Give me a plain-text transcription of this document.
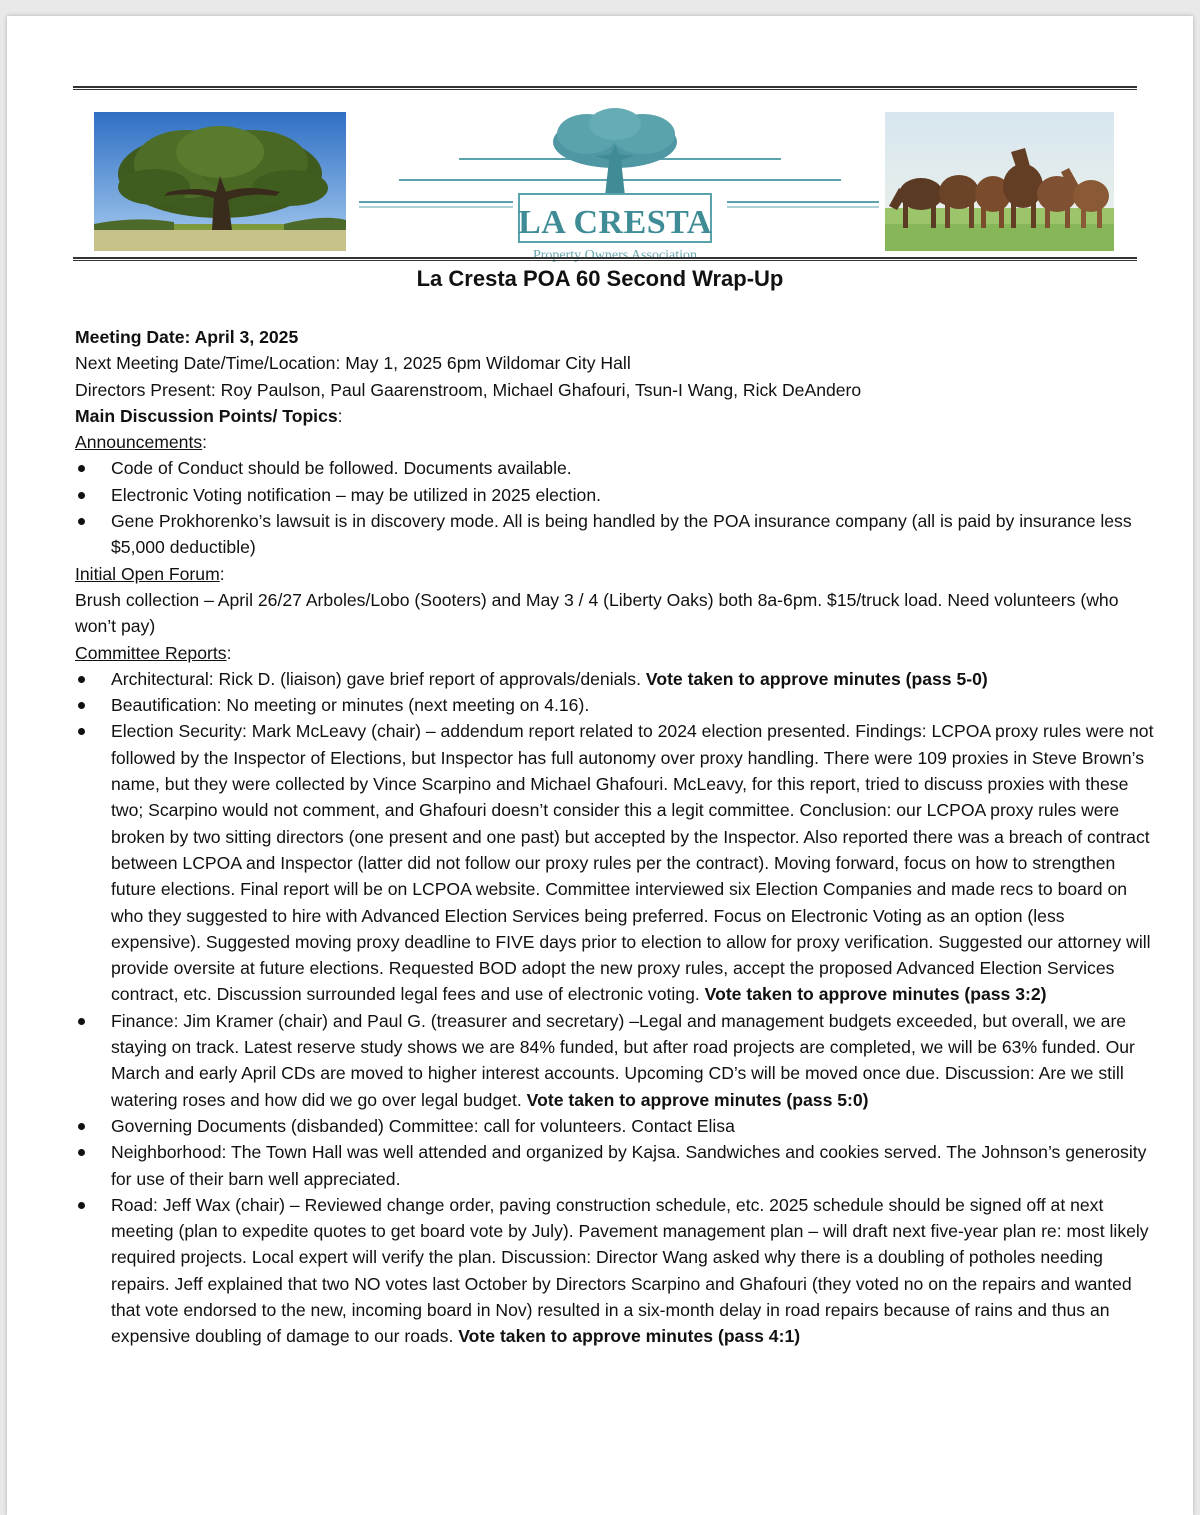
LA CRESTA
Property Owners Association
La Cresta POA 60 Second Wrap-Up

Meeting Date: April 3, 2025

Next Meeting Date/Time/Location: May 1, 2025 6pm Wildomar City Hall

Directors Present: Roy Paulson, Paul Gaarenstroom, Michael Ghafouri, Tsun-I Wang, Rick DeAndero

Main Discussion Points/ Topics:

Announcements:

Code of Conduct should be followed. Documents available.
Electronic Voting notification – may be utilized in 2025 election.
Gene Prokhorenko’s lawsuit is in discovery mode. All is being handled by the POA insurance company (all is paid by insurance less $5,000 deductible)

Initial Open Forum:

Brush collection – April 26/27 Arboles/Lobo (Sooters) and May 3 / 4 (Liberty Oaks) both 8a-6pm. $15/truck load. Need volunteers (who won’t pay)

Committee Reports:

Architectural: Rick D. (liaison) gave brief report of approvals/denials. Vote taken to approve minutes (pass 5-0)
Beautification: No meeting or minutes (next meeting on 4.16).
Election Security: Mark McLeavy (chair) – addendum report related to 2024 election presented. Findings: LCPOA proxy rules were not followed by the Inspector of Elections, but Inspector has full autonomy over proxy handling. There were 109 proxies in Steve Brown’s name, but they were collected by Vince Scarpino and Michael Ghafouri. McLeavy, for this report, tried to discuss proxies with these two; Scarpino would not comment, and Ghafouri doesn’t consider this a legit committee. Conclusion: our LCPOA proxy rules were broken by two sitting directors (one present and one past) but accepted by the Inspector. Also reported there was a breach of contract between LCPOA and Inspector (latter did not follow our proxy rules per the contract). Moving forward, focus on how to strengthen future elections. Final report will be on LCPOA website. Committee interviewed six Election Companies and made recs to board on who they suggested to hire with Advanced Election Services being preferred. Focus on Electronic Voting as an option (less expensive). Suggested moving proxy deadline to FIVE days prior to election to allow for proxy verification. Suggested our attorney will provide oversite at future elections. Requested BOD adopt the new proxy rules, accept the proposed Advanced Election Services contract, etc. Discussion surrounded legal fees and use of electronic voting. Vote taken to approve minutes (pass 3:2)
Finance: Jim Kramer (chair) and Paul G. (treasurer and secretary) –Legal and management budgets exceeded, but overall, we are staying on track. Latest reserve study shows we are 84% funded, but after road projects are completed, we will be 63% funded. Our March and early April CDs are moved to higher interest accounts. Upcoming CD’s will be moved once due. Discussion: Are we still watering roses and how did we go over legal budget. Vote taken to approve minutes (pass 5:0)
Governing Documents (disbanded) Committee: call for volunteers. Contact Elisa
Neighborhood: The Town Hall was well attended and organized by Kajsa. Sandwiches and cookies served. The Johnson’s generosity for use of their barn well appreciated.
Road: Jeff Wax (chair) – Reviewed change order, paving construction schedule, etc. 2025 schedule should be signed off at next meeting (plan to expedite quotes to get board vote by July). Pavement management plan – will draft next five-year plan re: most likely required projects. Local expert will verify the plan. Discussion: Director Wang asked why there is a doubling of potholes needing repairs. Jeff explained that two NO votes last October by Directors Scarpino and Ghafouri (they voted no on the repairs and wanted that vote endorsed to the new, incoming board in Nov) resulted in a six-month delay in road repairs because of rains and thus an expensive doubling of damage to our roads. Vote taken to approve minutes (pass 4:1)
